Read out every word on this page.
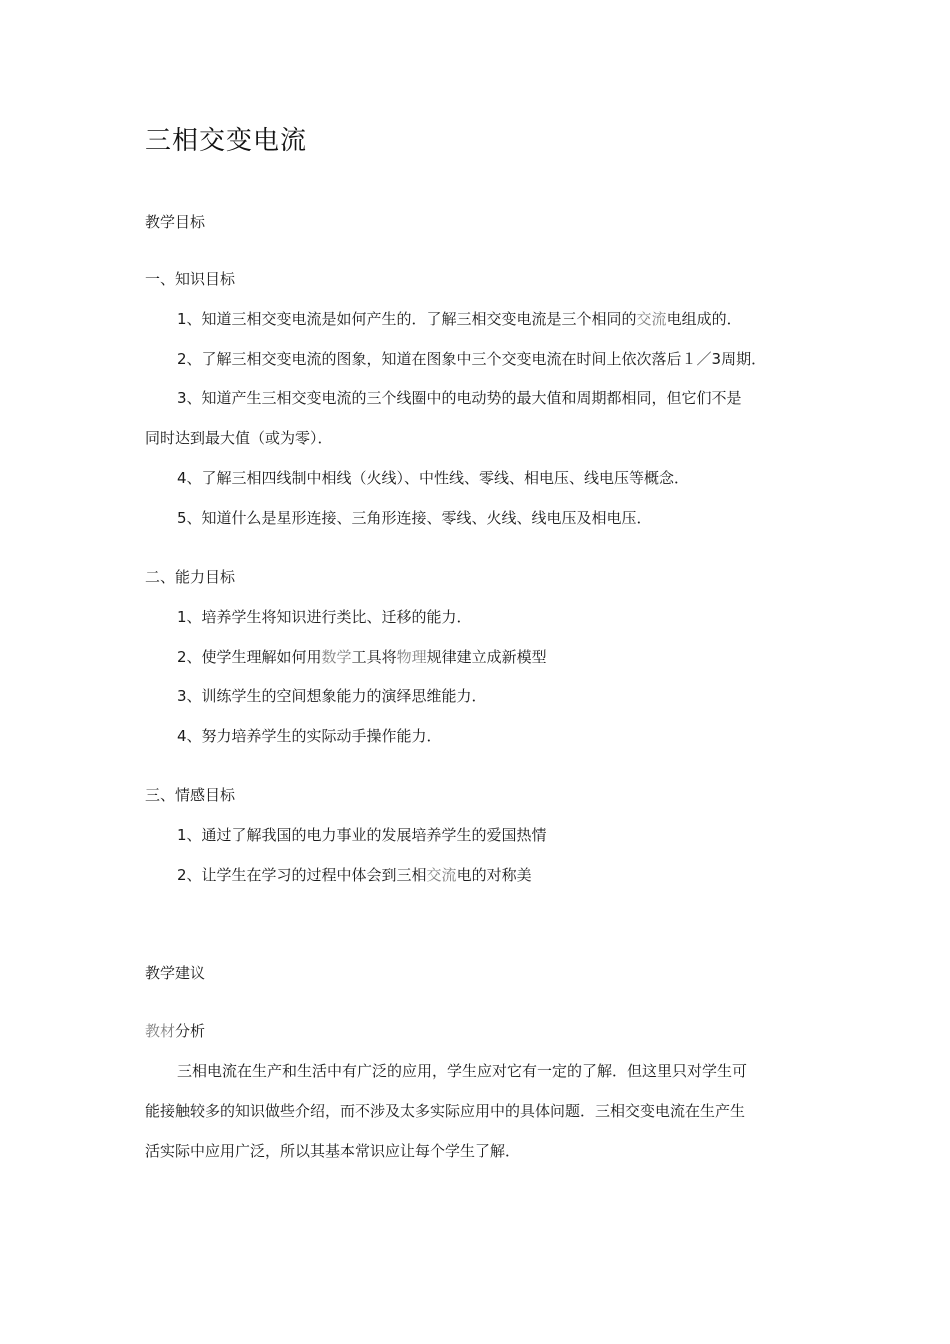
三相交变电流
教学目标
一、知识目标
1、知道三相交变电流是如何产生的．了解三相交变电流是三个相同的交流电组成的．
2、了解三相交变电流的图象，知道在图象中三个交变电流在时间上依次落后１／3周期．
3、知道产生三相交变电流的三个线圈中的电动势的最大值和周期都相同，但它们不是
同时达到最大值（或为零）．
4、了解三相四线制中相线（火线）、中性线、零线、相电压、线电压等概念．
5、知道什么是星形连接、三角形连接、零线、火线、线电压及相电压．
二、能力目标
1、培养学生将知识进行类比、迁移的能力．
2、使学生理解如何用数学工具将物理规律建立成新模型
3、训练学生的空间想象能力的演绎思维能力．
4、努力培养学生的实际动手操作能力．
三、情感目标
1、通过了解我国的电力事业的发展培养学生的爱国热情
2、让学生在学习的过程中体会到三相交流电的对称美
教学建议
教材分析
三相电流在生产和生活中有广泛的应用，学生应对它有一定的了解．但这里只对学生可
能接触较多的知识做些介绍，而不涉及太多实际应用中的具体问题．三相交变电流在生产生
活实际中应用广泛，所以其基本常识应让每个学生了解．
